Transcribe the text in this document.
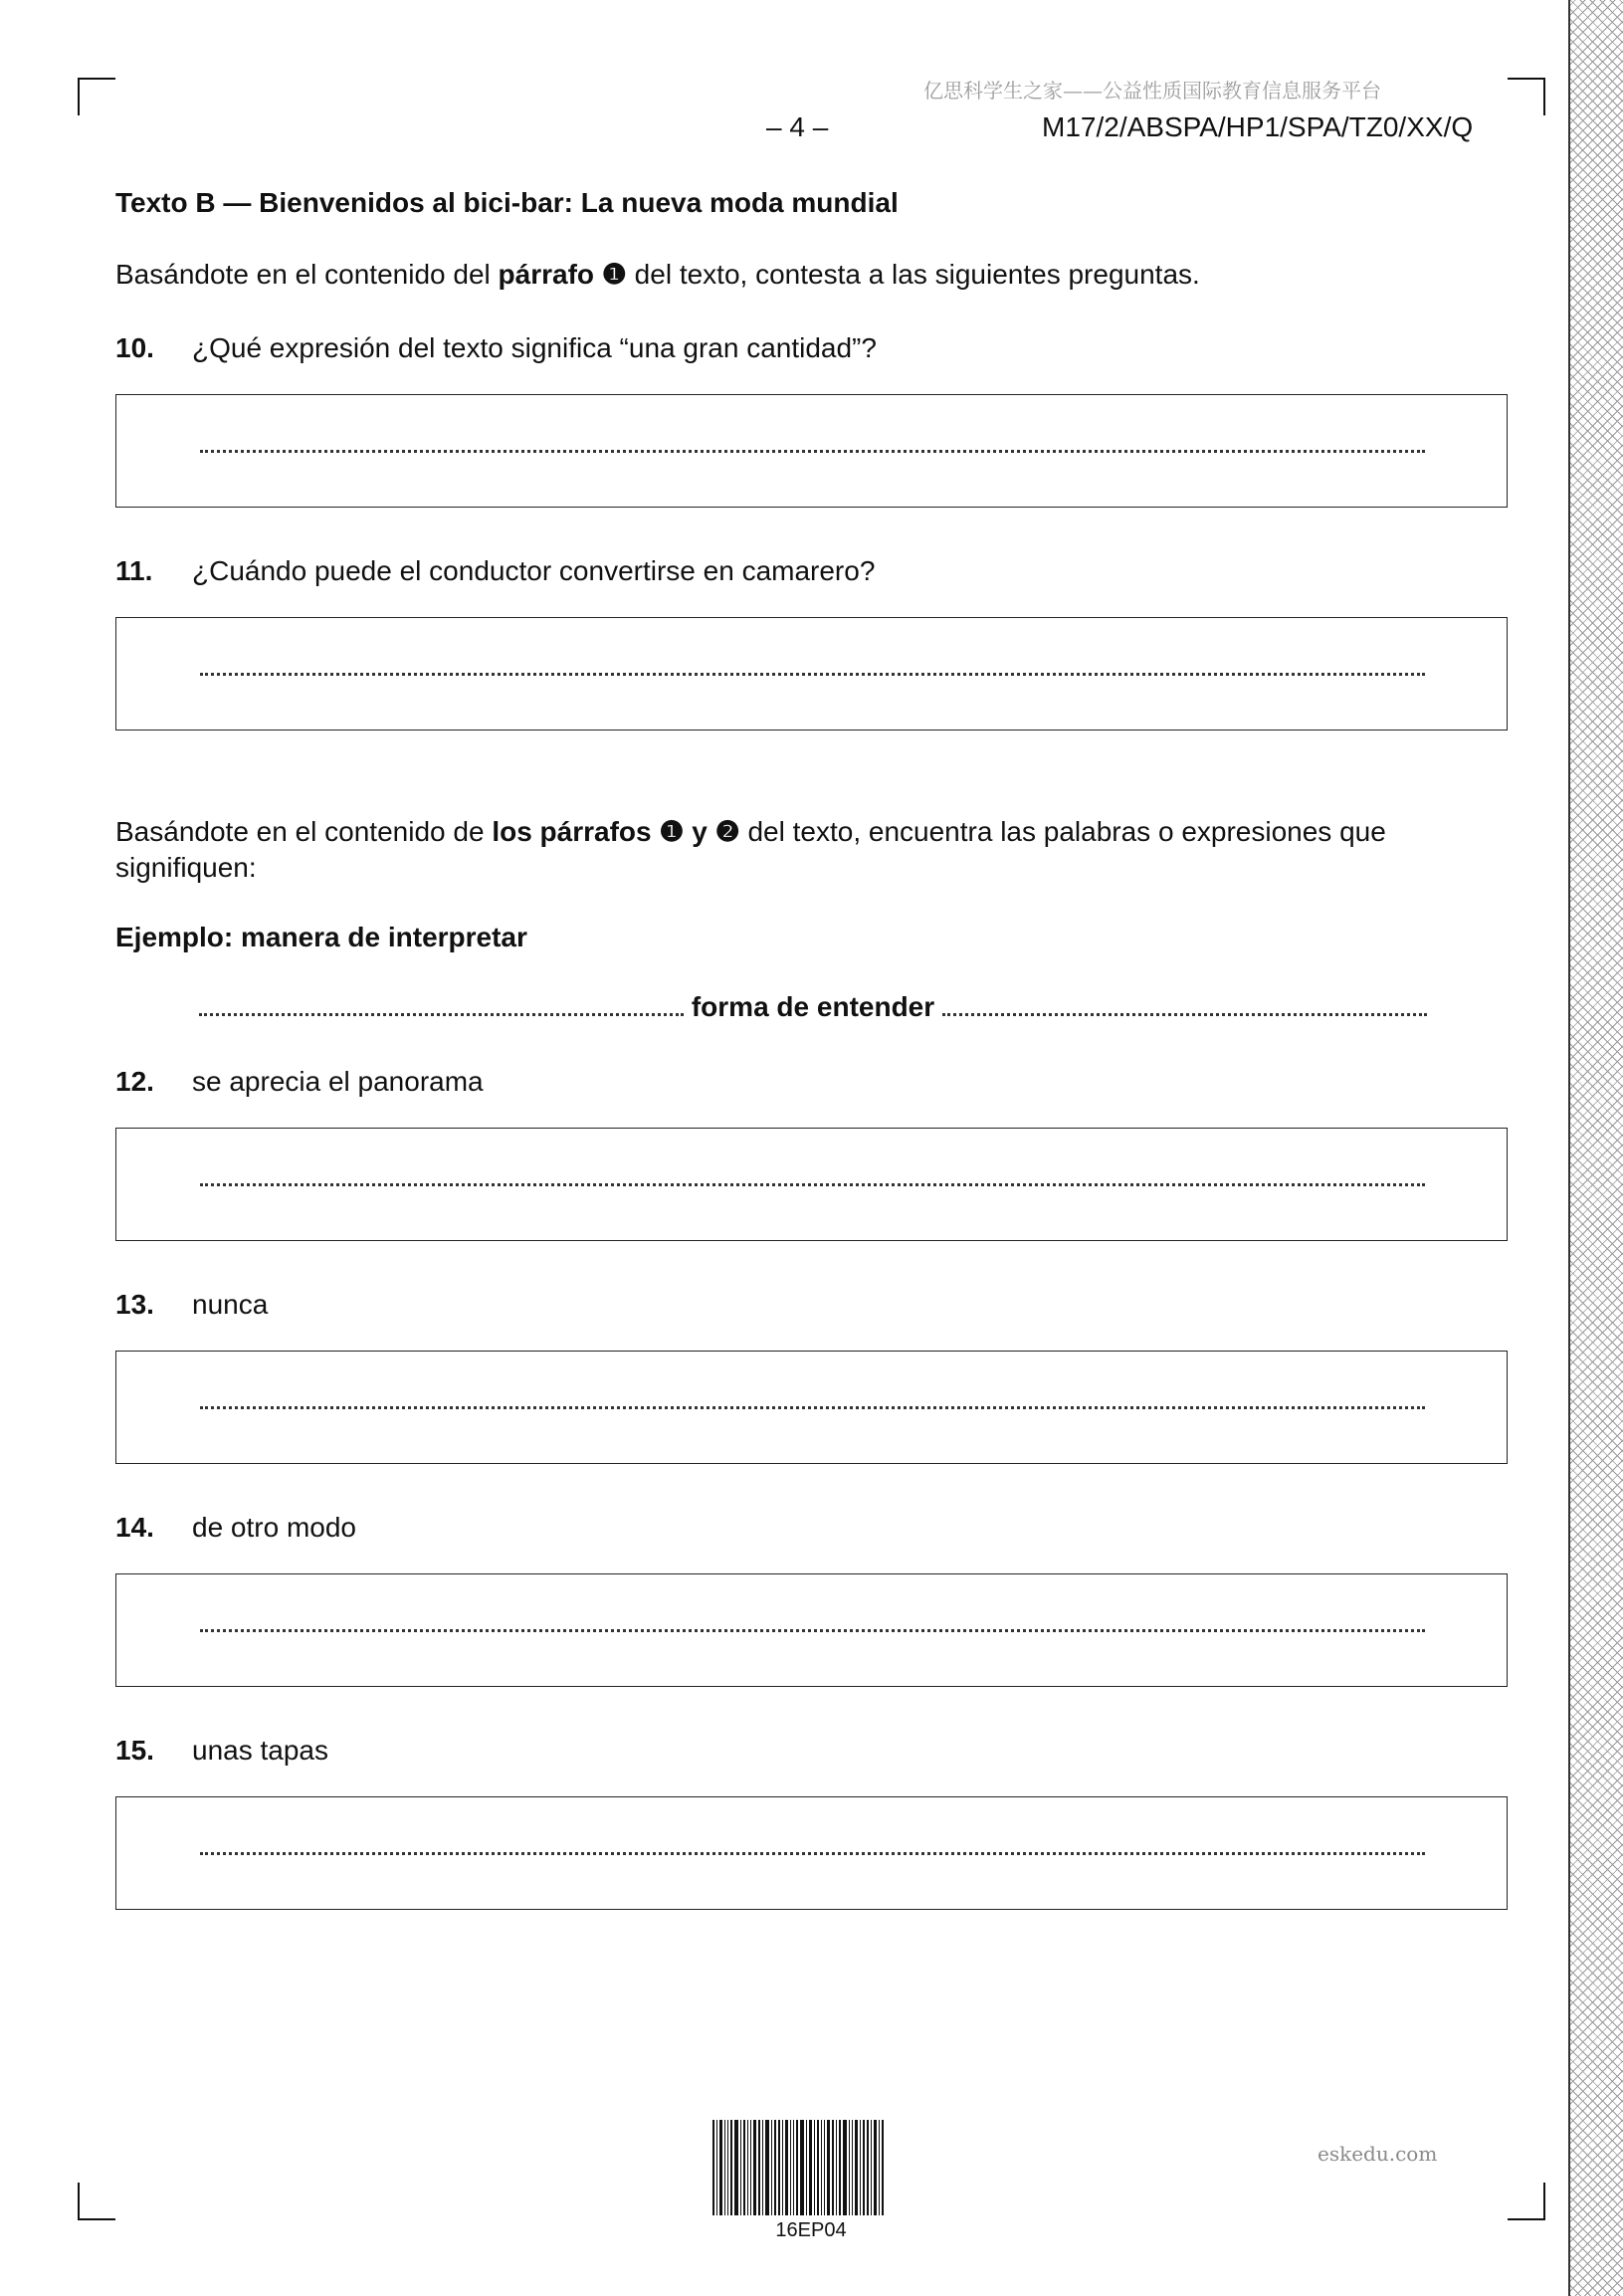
亿思科学生之家——公益性质国际教育信息服务平台
– 4 –	M17/2/ABSPA/HP1/SPA/TZ0/XX/Q
Texto B — Bienvenidos al bici-bar: La nueva moda mundial
Basándote en el contenido del párrafo ❶ del texto, contesta a las siguientes preguntas.
10. ¿Qué expresión del texto significa “una gran cantidad”?
11. ¿Cuándo puede el conductor convertirse en camarero?
Basándote en el contenido de los párrafos ❶ y ❷ del texto, encuentra las palabras o expresiones que signifiquen:
Ejemplo: manera de interpretar
forma de entender
12. se aprecia el panorama
13. nunca
14. de otro modo
15. unas tapas
16EP04
eskedu.com
